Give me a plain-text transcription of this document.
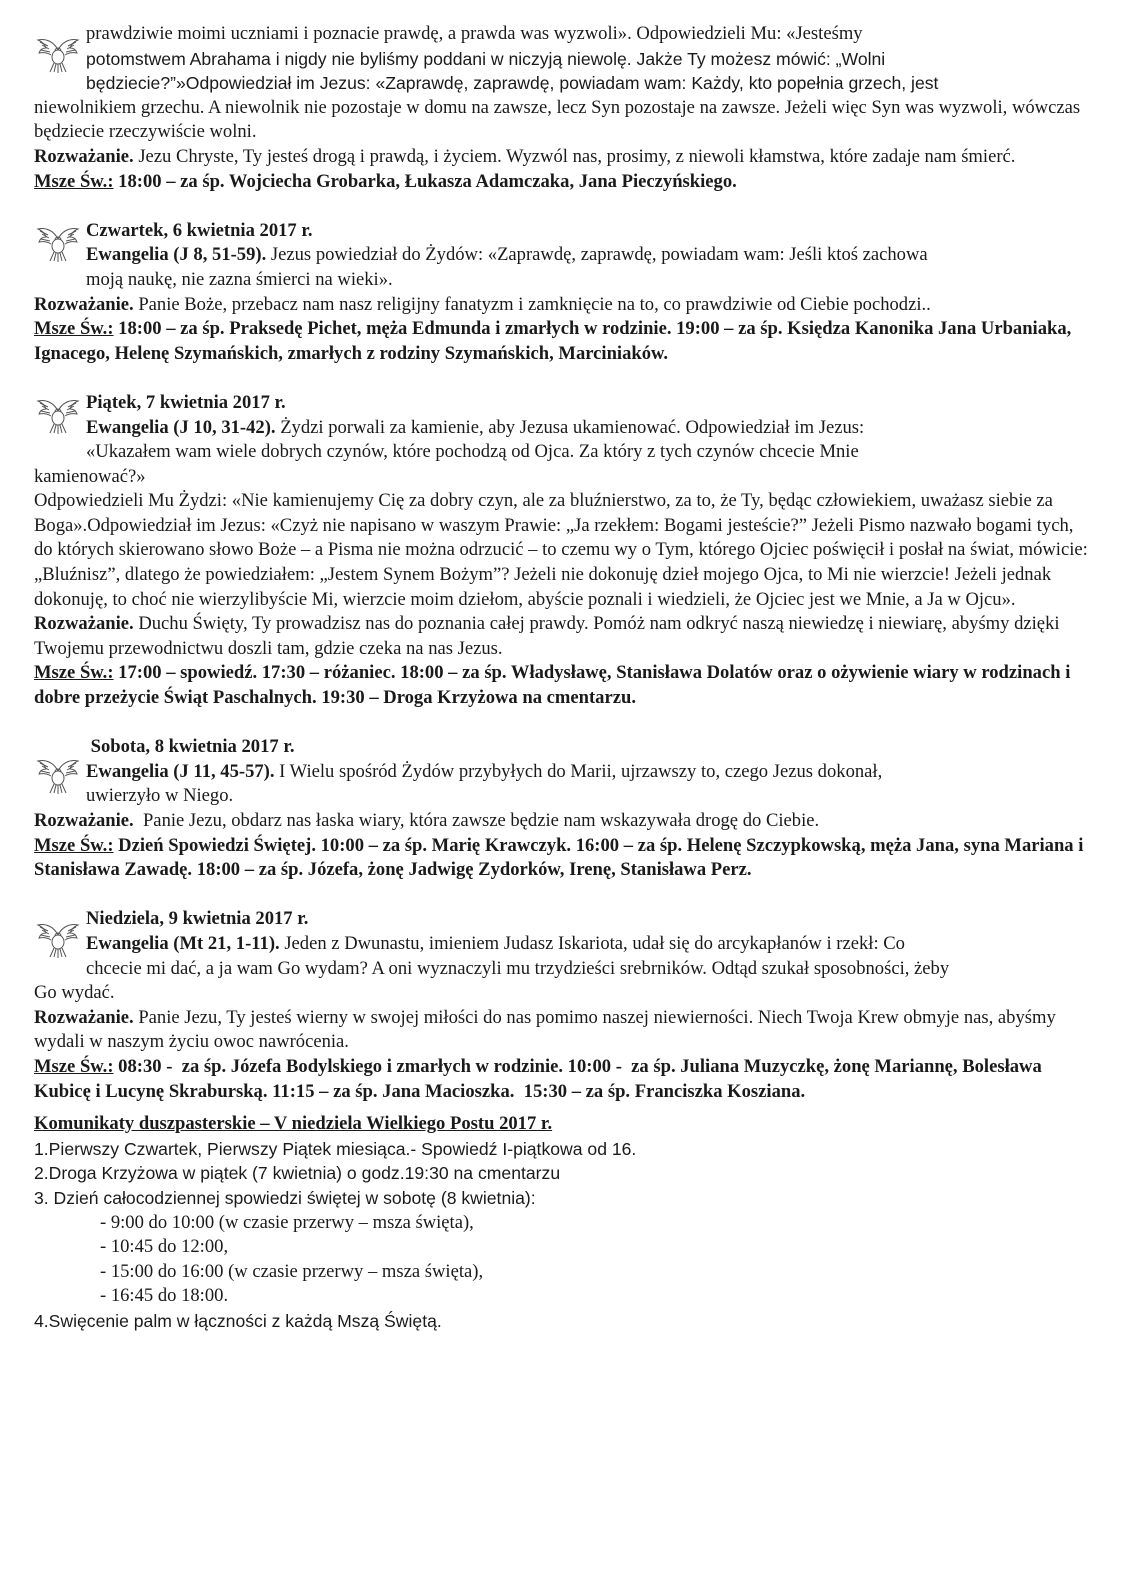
prawdziwie moimi uczniami i poznacie prawdę, a prawda was wyzwoli». Odpowiedzieli Mu: «Jesteśmy

potomstwem Abrahama i nigdy nie byliśmy poddani w niczyją niewolę. Jakże Ty możesz mówić: „Wolni

będziecie?”»Odpowiedział im Jezus: «Zaprawdę, zaprawdę, powiadam wam: Każdy, kto popełnia grzech, jest

niewolnikiem grzechu. A niewolnik nie pozostaje w domu na zawsze, lecz Syn pozostaje na zawsze. Jeżeli więc Syn was wyzwoli, wówczas będziecie rzeczywiście wolni.

Rozważanie. Jezu Chryste, Ty jesteś drogą i prawdą, i życiem. Wyzwól nas, prosimy, z niewoli kłamstwa, które zadaje nam śmierć.

Msze Św.: 18:00 – za śp. Wojciecha Grobarka, Łukasza Adamczaka, Jana Pieczyńskiego.

Czwartek, 6 kwietnia 2017 r.

Ewangelia (J 8, 51-59). Jezus powiedział do Żydów: «Zaprawdę, zaprawdę, powiadam wam: Jeśli ktoś zachowa

moją naukę, nie zazna śmierci na wieki».

Rozważanie. Panie Boże, przebacz nam nasz religijny fanatyzm i zamknięcie na to, co prawdziwie od Ciebie pochodzi..

Msze Św.: 18:00 – za śp. Praksedę Pichet, męża Edmunda i zmarłych w rodzinie. 19:00 – za śp. Księdza Kanonika Jana Urbaniaka, Ignacego, Helenę Szymańskich, zmarłych z rodziny Szymańskich, Marciniaków.

Piątek, 7 kwietnia 2017 r.

Ewangelia (J 10, 31-42). Żydzi porwali za kamienie, aby Jezusa ukamienować. Odpowiedział im Jezus:

«Ukazałem wam wiele dobrych czynów, które pochodzą od Ojca. Za który z tych czynów chcecie Mnie

kamienować?»

Odpowiedzieli Mu Żydzi: «Nie kamienujemy Cię za dobry czyn, ale za bluźnierstwo, za to, że Ty, będąc człowiekiem, uważasz siebie za Boga».Odpowiedział im Jezus: «Czyż nie napisano w waszym Prawie: „Ja rzekłem: Bogami jesteście?” Jeżeli Pismo nazwało bogami tych, do których skierowano słowo Boże – a Pisma nie można odrzucić – to czemu wy o Tym, którego Ojciec poświęcił i posłał na świat, mówicie: „Bluźnisz”, dlatego że powiedziałem: „Jestem Synem Bożym”? Jeżeli nie dokonuję dzieł mojego Ojca, to Mi nie wierzcie! Jeżeli jednak dokonuję, to choć nie wierzylibyście Mi, wierzcie moim dziełom, abyście poznali i wiedzieli, że Ojciec jest we Mnie, a Ja w Ojcu».

Rozważanie. Duchu Święty, Ty prowadzisz nas do poznania całej prawdy. Pomóż nam odkryć naszą niewiedzę i niewiarę, abyśmy dzięki Twojemu przewodnictwu doszli tam, gdzie czeka na nas Jezus.

Msze Św.: 17:00 – spowiedź. 17:30 – różaniec. 18:00 – za śp. Władysławę, Stanisława Dolatów oraz o ożywienie wiary w rodzinach i dobre przeżycie Świąt Paschalnych. 19:30 – Droga Krzyżowa na cmentarzu.

Sobota, 8 kwietnia 2017 r.

Ewangelia (J 11, 45-57). I Wielu spośród Żydów przybyłych do Marii, ujrzawszy to, czego Jezus dokonał,

uwierzyło w Niego.

Rozważanie.  Panie Jezu, obdarz nas łaska wiary, która zawsze będzie nam wskazywała drogę do Ciebie.

Msze Św.: Dzień Spowiedzi Świętej. 10:00 – za śp. Marię Krawczyk. 16:00 – za śp. Helenę Szczypkowską, męża Jana, syna Mariana i Stanisława Zawadę. 18:00 – za śp. Józefa, żonę Jadwigę Zydorków, Irenę, Stanisława Perz.

Niedziela, 9 kwietnia 2017 r.

Ewangelia (Mt 21, 1-11). Jeden z Dwunastu, imieniem Judasz Iskariota, udał się do arcykapłanów i rzekł: Co

chcecie mi dać, a ja wam Go wydam? A oni wyznaczyli mu trzydzieści srebrników. Odtąd szukał sposobności, żeby

Go wydać.

Rozważanie. Panie Jezu, Ty jesteś wierny w swojej miłości do nas pomimo naszej niewierności. Niech Twoja Krew obmyje nas, abyśmy wydali w naszym życiu owoc nawrócenia.

Msze Św.: 08:30 -  za śp. Józefa Bodylskiego i zmarłych w rodzinie. 10:00 -  za śp. Juliana Muzyczkę, żonę Mariannę, Bolesława Kubicę i Lucynę Skraburską. 11:15 – za śp. Jana Macioszka.  15:30 – za śp. Franciszka Kosziana.

Komunikaty duszpasterskie – V niedziela Wielkiego Postu 2017 r.

1.Pierwszy Czwartek, Pierwszy Piątek miesiąca.- Spowiedź I-piątkowa od 16.

2.Droga Krzyżowa w piątek (7 kwietnia) o godz.19:30 na cmentarzu

3. Dzień całocodziennej spowiedzi świętej w sobotę (8 kwietnia):

- 9:00 do 10:00 (w czasie przerwy – msza święta),

- 10:45 do 12:00,

- 15:00 do 16:00 (w czasie przerwy – msza święta),

- 16:45 do 18:00.

4.Swięcenie palm w łączności z każdą Mszą Świętą.
